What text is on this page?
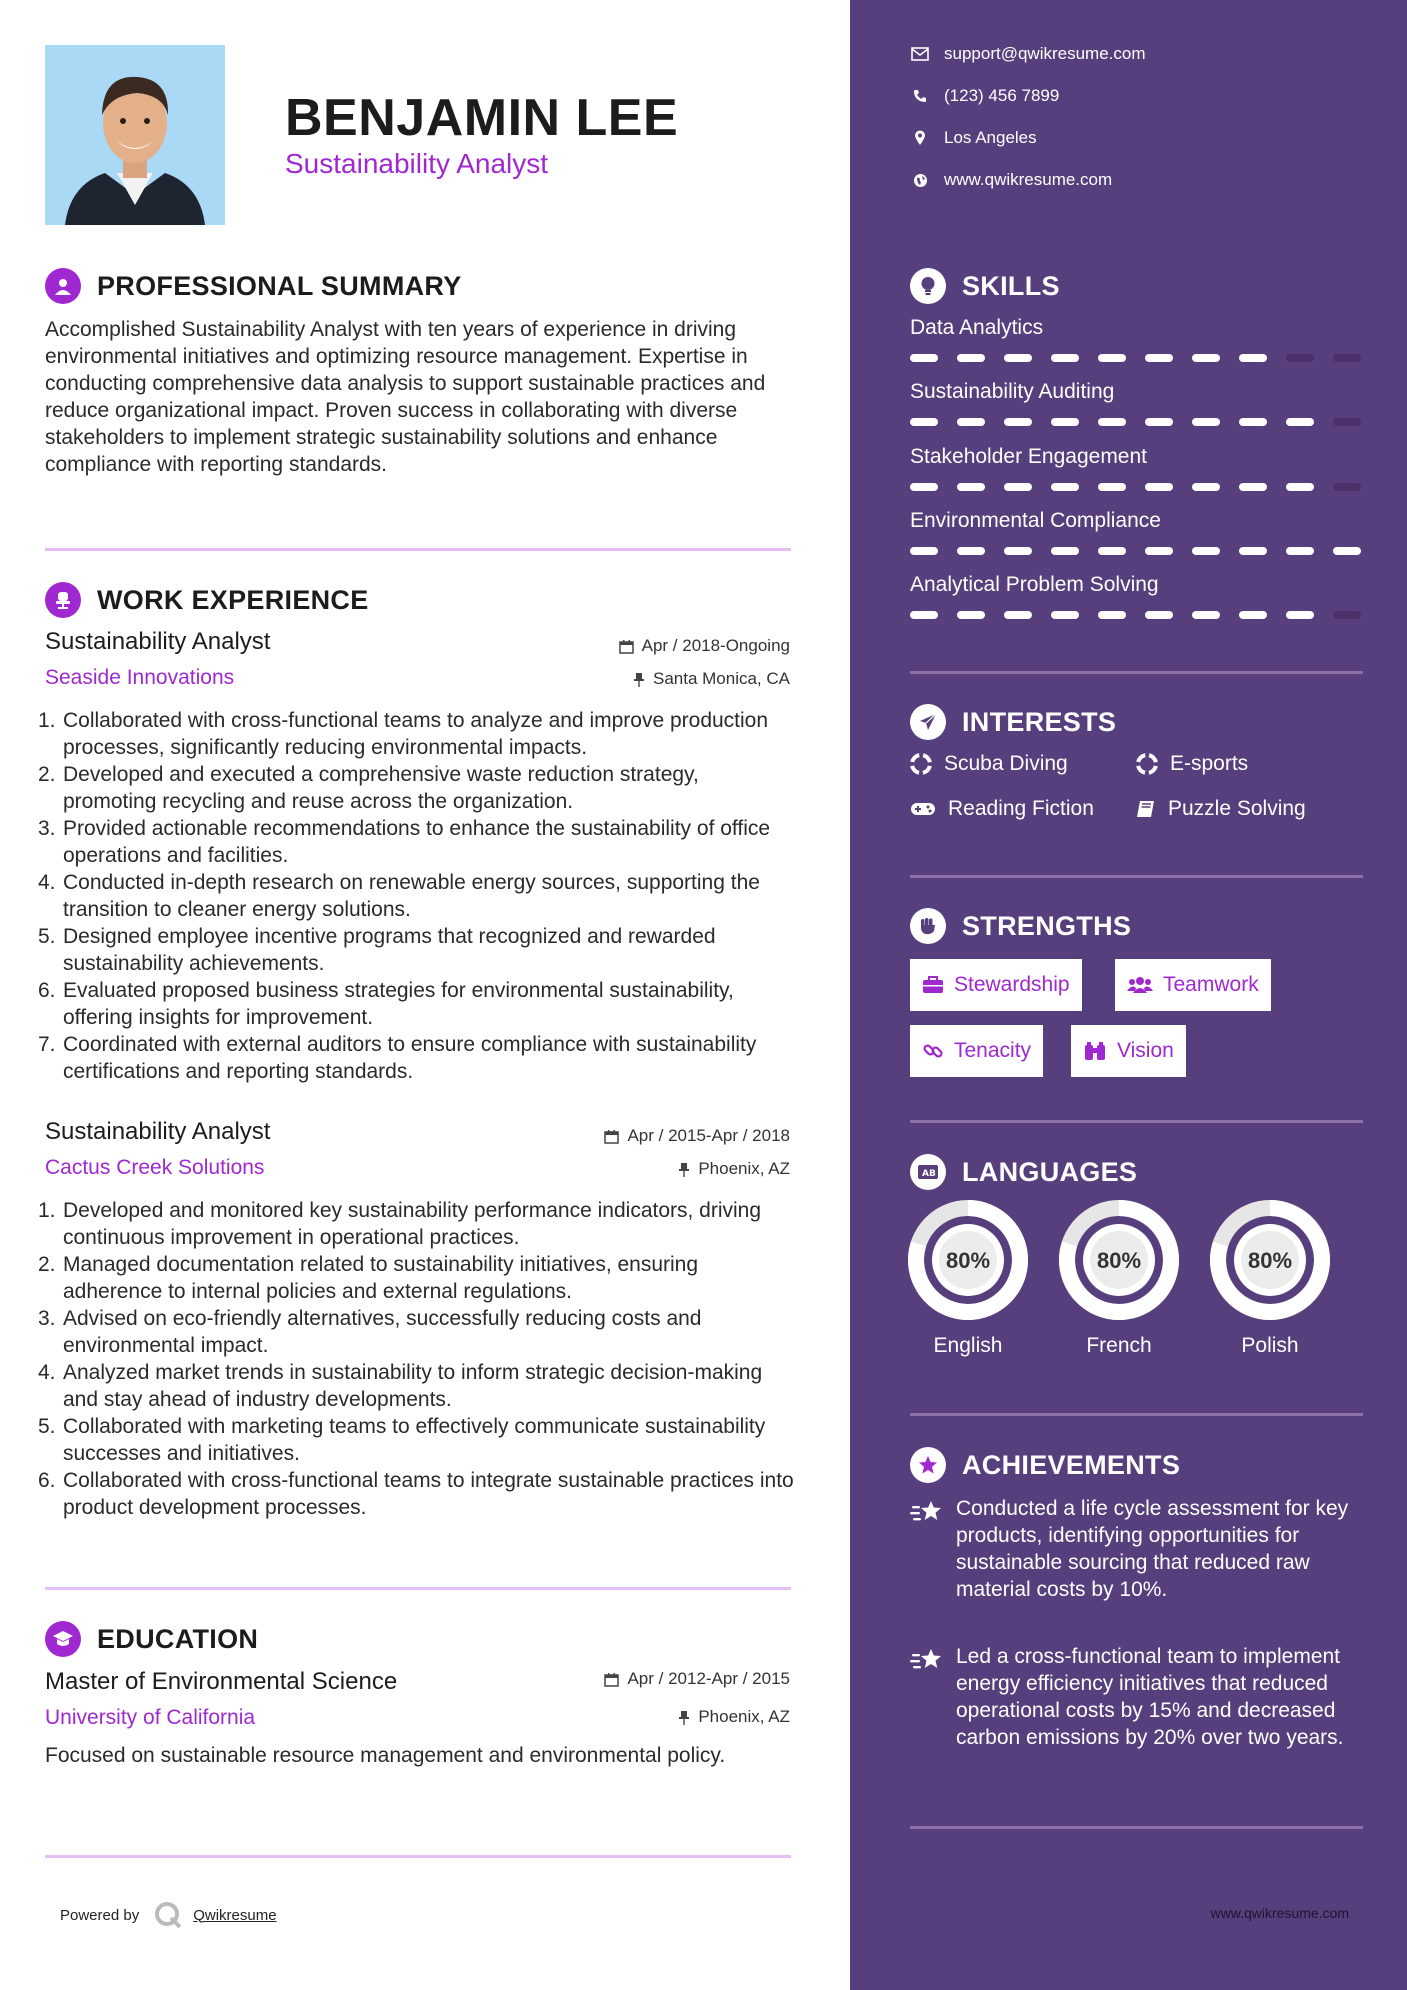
BENJAMIN LEE
Sustainability Analyst
PROFESSIONAL SUMMARY
Accomplished Sustainability Analyst with ten years of experience in driving environmental initiatives and optimizing resource management. Expertise in conducting comprehensive data analysis to support sustainable practices and reduce organizational impact. Proven success in collaborating with diverse stakeholders to implement strategic sustainability solutions and enhance compliance with reporting standards.
WORK EXPERIENCE
Sustainability Analyst	Apr / 2018-Ongoing
Seaside Innovations	Santa Monica, CA
1. Collaborated with cross-functional teams to analyze and improve production processes, significantly reducing environmental impacts.
2. Developed and executed a comprehensive waste reduction strategy, promoting recycling and reuse across the organization.
3. Provided actionable recommendations to enhance the sustainability of office operations and facilities.
4. Conducted in-depth research on renewable energy sources, supporting the transition to cleaner energy solutions.
5. Designed employee incentive programs that recognized and rewarded sustainability achievements.
6. Evaluated proposed business strategies for environmental sustainability, offering insights for improvement.
7. Coordinated with external auditors to ensure compliance with sustainability certifications and reporting standards.
Sustainability Analyst	Apr / 2015-Apr / 2018
Cactus Creek Solutions	Phoenix, AZ
1. Developed and monitored key sustainability performance indicators, driving continuous improvement in operational practices.
2. Managed documentation related to sustainability initiatives, ensuring adherence to internal policies and external regulations.
3. Advised on eco-friendly alternatives, successfully reducing costs and environmental impact.
4. Analyzed market trends in sustainability to inform strategic decision-making and stay ahead of industry developments.
5. Collaborated with marketing teams to effectively communicate sustainability successes and initiatives.
6. Collaborated with cross-functional teams to integrate sustainable practices into product development processes.
EDUCATION
Master of Environmental Science	Apr / 2012-Apr / 2015
University of California	Phoenix, AZ
Focused on sustainable resource management and environmental policy.
Powered by	Qwikresume
support@qwikresume.com
(123) 456 7899
Los Angeles
www.qwikresume.com
SKILLS
Data Analytics
Sustainability Auditing
Stakeholder Engagement
Environmental Compliance
Analytical Problem Solving
INTERESTS
Scuba Diving	E-sports
Reading Fiction	Puzzle Solving
STRENGTHS
Stewardship	Teamwork
Tenacity	Vision
A B LANGUAGES
80%
English
80%
French
80%
Polish
ACHIEVEMENTS
Conducted a life cycle assessment for key products, identifying opportunities for sustainable sourcing that reduced raw material costs by 10%.
Led a cross-functional team to implement energy efficiency initiatives that reduced operational costs by 15% and decreased carbon emissions by 20% over two years.
www.qwikresume.com
